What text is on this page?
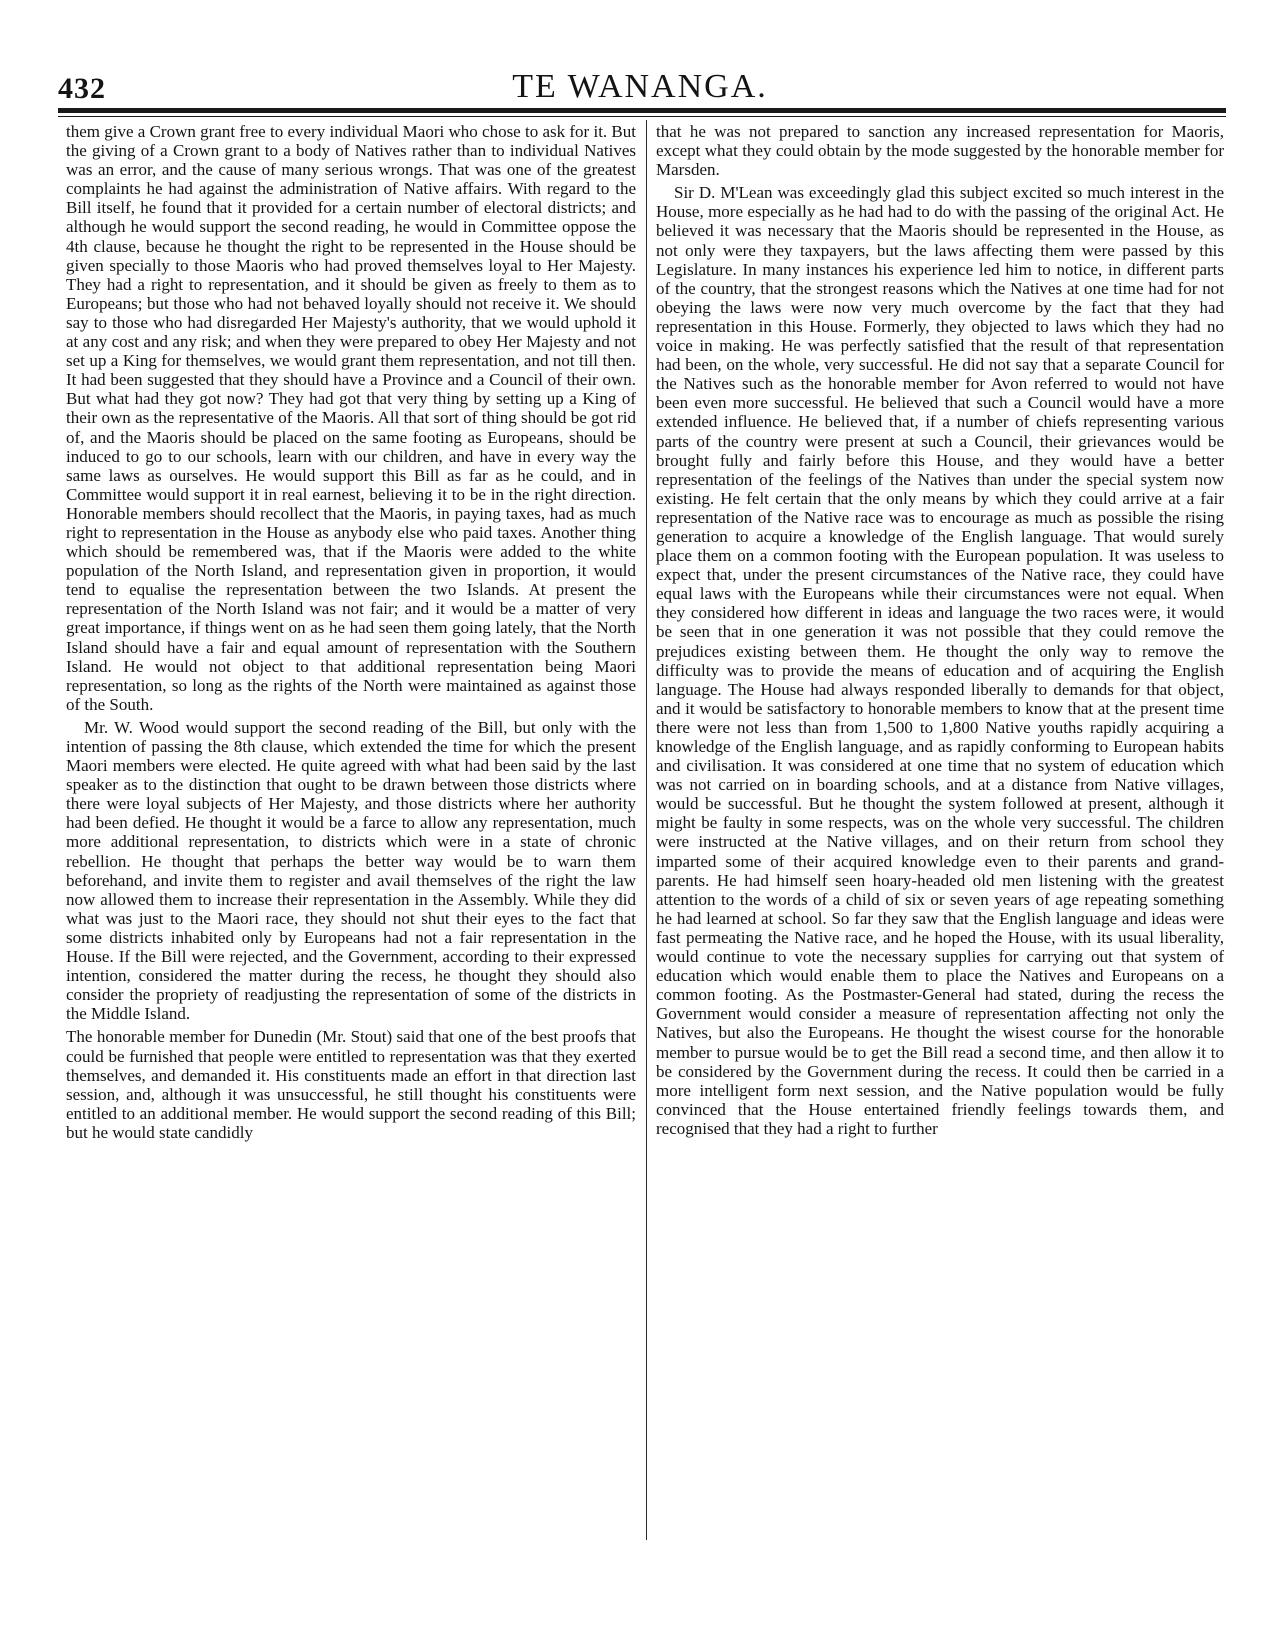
432	TE WANANGA.

them give a Crown grant free to every individual Maori who chose to ask for it. But the giving of a Crown grant to a body of Natives rather than to individual Natives was an error, and the cause of many serious wrongs. That was one of the greatest complaints he had against the administration of Native affairs. With regard to the Bill itself, he found that it provided for a certain number of electoral districts; and although he would support the second reading, he would in Committee oppose the 4th clause, because he thought the right to be represented in the House should be given specially to those Maoris who had proved themselves loyal to Her Majesty. They had a right to representation, and it should be given as freely to them as to Europeans; but those who had not behaved loyally should not receive it. We should say to those who had disregarded Her Majesty's authority, that we would uphold it at any cost and any risk; and when they were prepared to obey Her Majesty and not set up a King for themselves, we would grant them representation, and not till then. It had been suggested that they should have a Province and a Council of their own. But what had they got now? They had got that very thing by setting up a King of their own as the representative of the Maoris. All that sort of thing should be got rid of, and the Maoris should be placed on the same footing as Europeans, should be induced to go to our schools, learn with our children, and have in every way the same laws as ourselves. He would support this Bill as far as he could, and in Committee would support it in real earnest, believing it to be in the right direction. Honorable members should recollect that the Maoris, in paying taxes, had as much right to representation in the House as anybody else who paid taxes. Another thing which should be remembered was, that if the Maoris were added to the white population of the North Island, and representation given in proportion, it would tend to equalise the representation between the two Islands. At present the representation of the North Island was not fair; and it would be a matter of very great importance, if things went on as he had seen them going lately, that the North Island should have a fair and equal amount of representation with the Southern Island. He would not object to that additional representation being Maori representation, so long as the rights of the North were maintained as against those of the South.

Mr. W. Wood would support the second reading of the Bill, but only with the intention of passing the 8th clause, which extended the time for which the present Maori members were elected. He quite agreed with what had been said by the last speaker as to the distinction that ought to be drawn between those districts where there were loyal subjects of Her Majesty, and those districts where her authority had been defied. He thought it would be a farce to allow any representation, much more additional representation, to districts which were in a state of chronic rebellion. He thought that perhaps the better way would be to warn them beforehand, and invite them to register and avail themselves of the right the law now allowed them to increase their representation in the Assembly. While they did what was just to the Maori race, they should not shut their eyes to the fact that some districts inhabited only by Europeans had not a fair representation in the House. If the Bill were rejected, and the Government, according to their expressed intention, considered the matter during the recess, he thought they should also consider the propriety of readjusting the representation of some of the districts in the Middle Island.

The honorable member for Dunedin (Mr. Stout) said that one of the best proofs that could be furnished that people were entitled to representation was that they exerted themselves, and demanded it. His constituents made an effort in that direction last session, and, although it was unsuccessful, he still thought his constituents were entitled to an additional member. He would support the second reading of this Bill; but he would state candidly

that he was not prepared to sanction any increased representation for Maoris, except what they could obtain by the mode suggested by the honorable member for Marsden.

Sir D. M'Lean was exceedingly glad this subject excited so much interest in the House, more especially as he had had to do with the passing of the original Act. He believed it was necessary that the Maoris should be represented in the House, as not only were they taxpayers, but the laws affecting them were passed by this Legislature. In many instances his experience led him to notice, in different parts of the country, that the strongest reasons which the Natives at one time had for not obeying the laws were now very much overcome by the fact that they had representation in this House. Formerly, they objected to laws which they had no voice in making. He was perfectly satisfied that the result of that representation had been, on the whole, very successful. He did not say that a separate Council for the Natives such as the honorable member for Avon referred to would not have been even more successful. He believed that such a Council would have a more extended influence. He believed that, if a number of chiefs representing various parts of the country were present at such a Council, their grievances would be brought fully and fairly before this House, and they would have a better representation of the feelings of the Natives than under the special system now existing. He felt certain that the only means by which they could arrive at a fair representation of the Native race was to encourage as much as possible the rising generation to acquire a knowledge of the English language. That would surely place them on a common footing with the European population. It was useless to expect that, under the present circumstances of the Native race, they could have equal laws with the Europeans while their circumstances were not equal. When they considered how different in ideas and language the two races were, it would be seen that in one generation it was not possible that they could remove the prejudices existing between them. He thought the only way to remove the difficulty was to provide the means of education and of acquiring the English language. The House had always responded liberally to demands for that object, and it would be satisfactory to honorable members to know that at the present time there were not less than from 1,500 to 1,800 Native youths rapidly acquiring a knowledge of the English language, and as rapidly conforming to European habits and civilisation. It was considered at one time that no system of education which was not carried on in boarding schools, and at a distance from Native villages, would be successful. But he thought the system followed at present, although it might be faulty in some respects, was on the whole very successful. The children were instructed at the Native villages, and on their return from school they imparted some of their acquired knowledge even to their parents and grand-parents. He had himself seen hoary-headed old men listening with the greatest attention to the words of a child of six or seven years of age repeating something he had learned at school. So far they saw that the English language and ideas were fast permeating the Native race, and he hoped the House, with its usual liberality, would continue to vote the necessary supplies for carrying out that system of education which would enable them to place the Natives and Europeans on a common footing. As the Postmaster-General had stated, during the recess the Government would consider a measure of representation affecting not only the Natives, but also the Europeans. He thought the wisest course for the honorable member to pursue would be to get the Bill read a second time, and then allow it to be considered by the Government during the recess. It could then be carried in a more intelligent form next session, and the Native population would be fully convinced that the House entertained friendly feelings towards them, and recognised that they had a right to further
